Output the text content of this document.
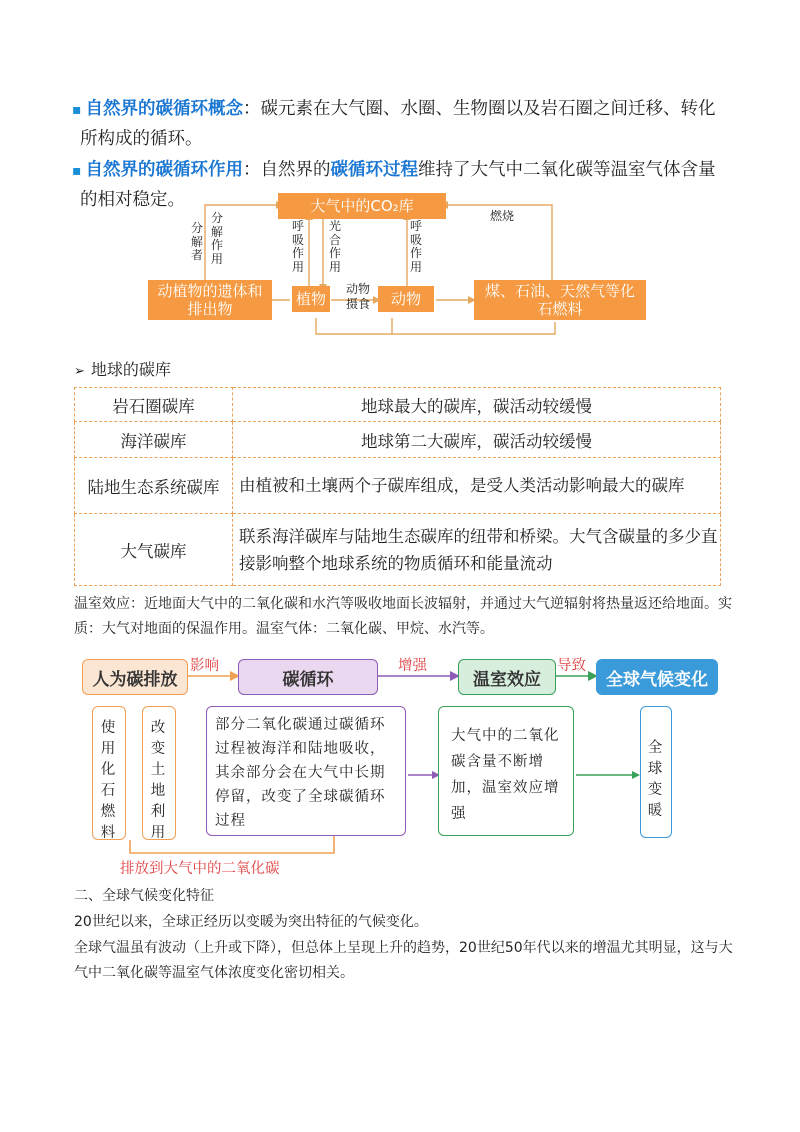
▪ 自然界的碳循环概念：碳元素在大气圈、水圈、生物圈以及岩石圈之间迁移、转化
所构成的循环。
▪ 自然界的碳循环作用：自然界的碳循环过程维持了大气中二氧化碳等温室气体含量
的相对稳定。	大气中的CO₂库
动植物的遗体和排出物
植物	动物	煤、石油、天然气等化石燃料
分解者
分解作用
呼吸作用
光合作用
呼吸作用
燃烧
动物摄食
➢ 地球的碳库
岩石圈碳库	地球最大的碳库，碳活动较缓慢
海洋碳库	地球第二大碳库，碳活动较缓慢
陆地生态系统碳库	由植被和土壤两个子碳库组成，是受人类活动影响最大的碳库
大气碳库	联系海洋碳库与陆地生态碳库的纽带和桥梁。大气含碳量的多少直接影响整个地球系统的物质循环和能量流动
温室效应：近地面大气中的二氧化碳和水汽等吸收地面长波辐射，并通过大气逆辐射将热量返还给地面。实质：大气对地面的保温作用。温室气体：二氧化碳、甲烷、水汽等。
人为碳排放	碳循环	温室效应	全球气候变化
影响	增强	导致
使用化石燃料
改变土地利用
部分二氧化碳通过碳循环过程被海洋和陆地吸收，其余部分会在大气中长期停留，改变了全球碳循环过程
大气中的二氧化碳含量不断增加，温室效应增强
全球变暖
排放到大气中的二氧化碳
二、全球气候变化特征
20世纪以来，全球正经历以变暖为突出特征的气候变化。
全球气温虽有波动（上升或下降），但总体上呈现上升的趋势，20世纪50年代以来的增温尤其明显，这与大气中二氧化碳等温室气体浓度变化密切相关。
